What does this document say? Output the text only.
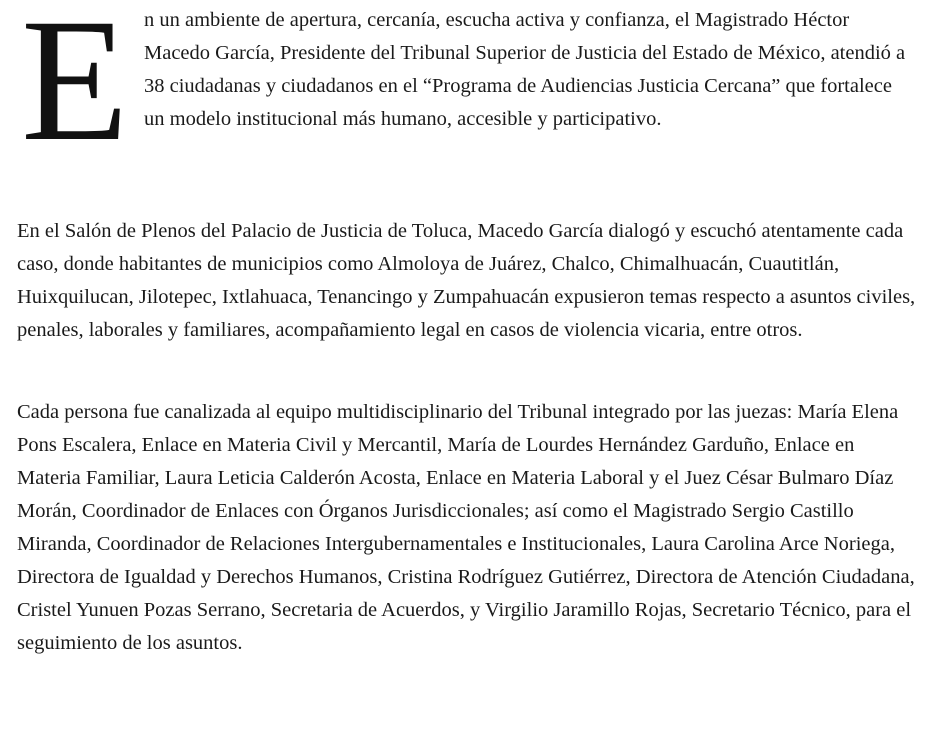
E n un ambiente de apertura, cercanía, escucha activa y confianza, el Magistrado Héctor Macedo García, Presidente del Tribunal Superior de Justicia del Estado de México, atendió a 38 ciudadanas y ciudadanos en el “Programa de Audiencias Justicia Cercana” que fortalece un modelo institucional más humano, accesible y participativo.

En el Salón de Plenos del Palacio de Justicia de Toluca, Macedo García dialogó y escuchó atentamente cada caso, donde habitantes de municipios como Almoloya de Juárez, Chalco, Chimalhuacán, Cuautitlán, Huixquilucan, Jilotepec, Ixtlahuaca, Tenancingo y Zumpahuacán expusieron temas respecto a asuntos civiles, penales, laborales y familiares, acompañamiento legal en casos de violencia vicaria, entre otros.

Cada persona fue canalizada al equipo multidisciplinario del Tribunal integrado por las juezas: María Elena Pons Escalera, Enlace en Materia Civil y Mercantil, María de Lourdes Hernández Garduño, Enlace en Materia Familiar, Laura Leticia Calderón Acosta, Enlace en Materia Laboral y el Juez César Bulmaro Díaz Morán, Coordinador de Enlaces con Órganos Jurisdiccionales; así como el Magistrado Sergio Castillo Miranda, Coordinador de Relaciones Intergubernamentales e Institucionales, Laura Carolina Arce Noriega, Directora de Igualdad y Derechos Humanos, Cristina Rodríguez Gutiérrez, Directora de Atención Ciudadana, Cristel Yunuen Pozas Serrano, Secretaria de Acuerdos, y Virgilio Jaramillo Rojas, Secretario Técnico, para el seguimiento de los asuntos.
